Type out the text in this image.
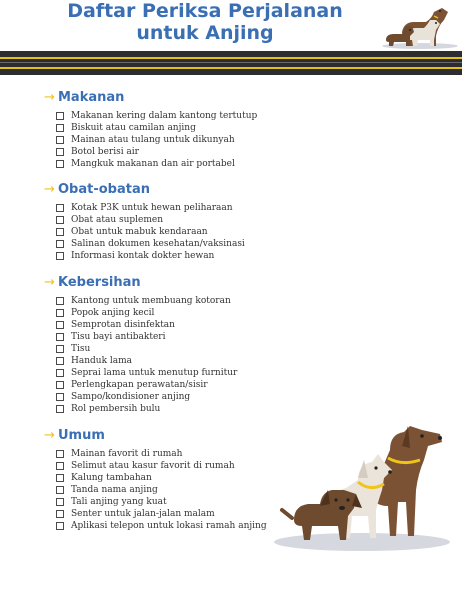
Daftar Periksa Perjalanan
untuk Anjing
→ Makanan
Makanan kering dalam kantong tertutup
Biskuit atau camilan anjing
Mainan atau tulang untuk dikunyah
Botol berisi air
Mangkuk makanan dan air portabel
→ Obat-obatan
Kotak P3K untuk hewan peliharaan
Obat atau suplemen
Obat untuk mabuk kendaraan
Salinan dokumen kesehatan/vaksinasi
Informasi kontak dokter hewan
→ Kebersihan
Kantong untuk membuang kotoran
Popok anjing kecil
Semprotan disinfektan
Tisu bayi antibakteri
Tisu
Handuk lama
Seprai lama untuk menutup furnitur
Perlengkapan perawatan/sisir
Sampo/kondisioner anjing
Rol pembersih bulu
→ Umum
Mainan favorit di rumah
Selimut atau kasur favorit di rumah
Kalung tambahan
Tanda nama anjing
Tali anjing yang kuat
Senter untuk jalan-jalan malam
Aplikasi telepon untuk lokasi ramah anjing
